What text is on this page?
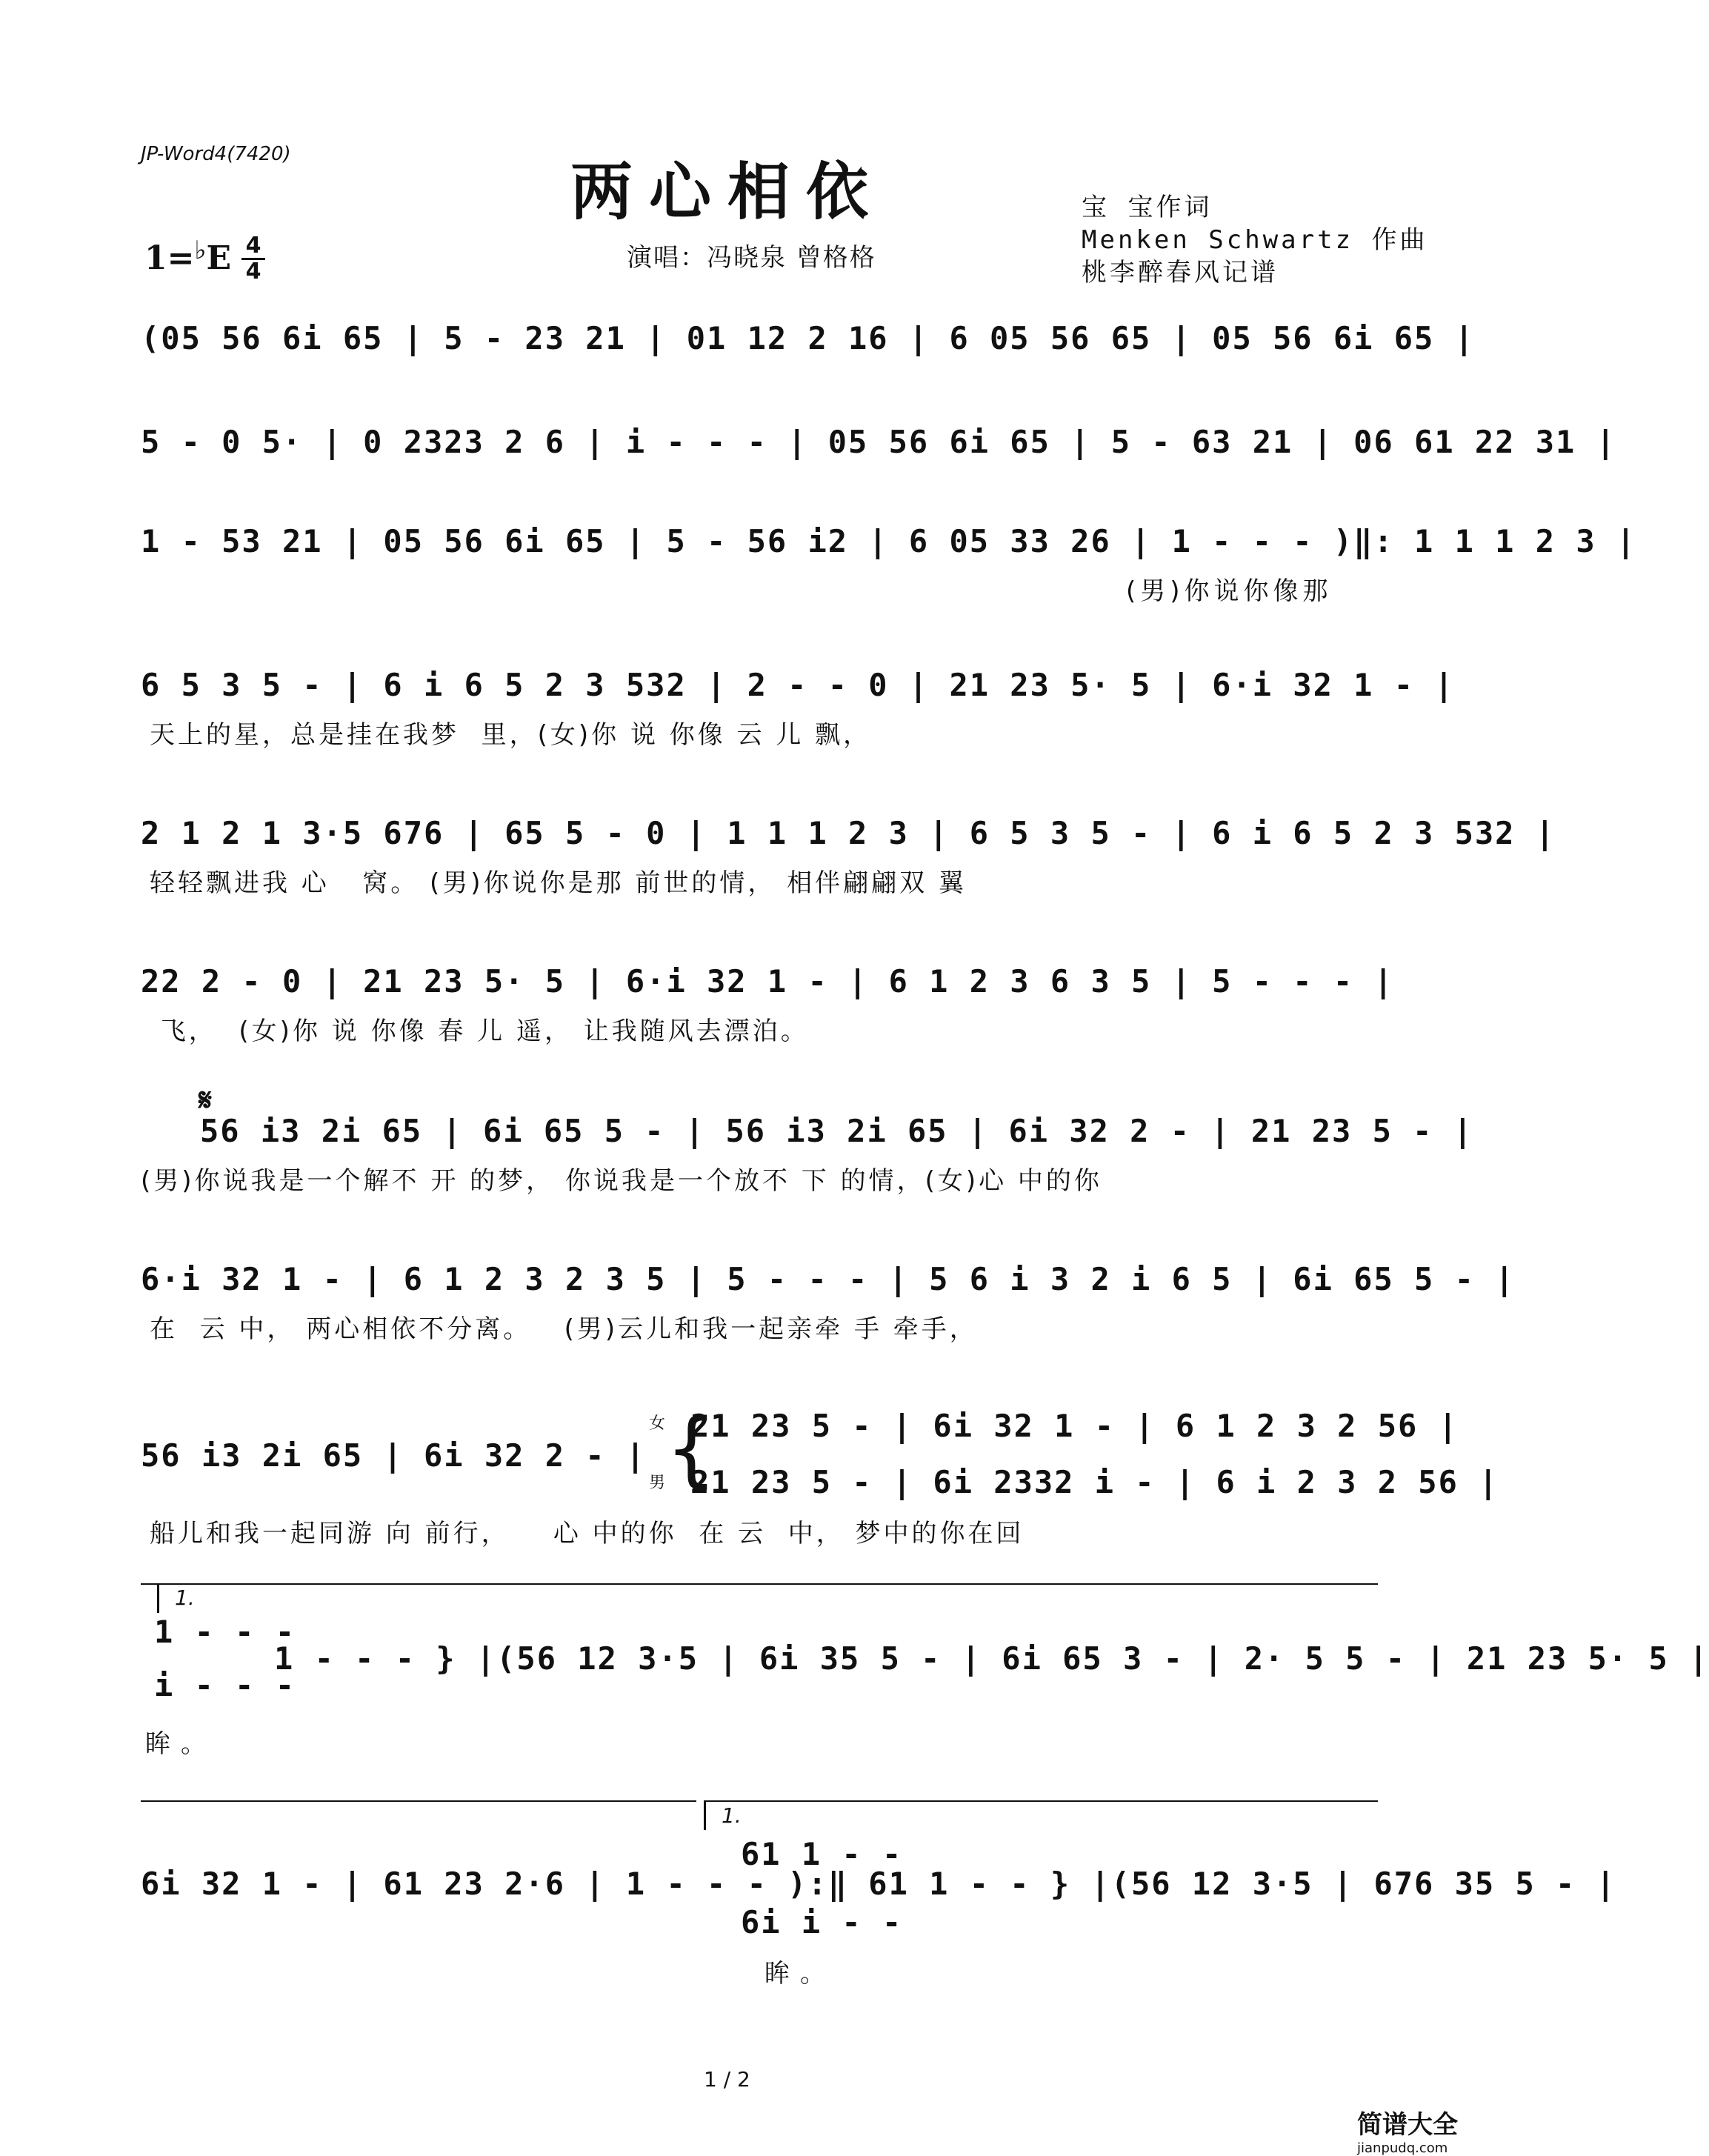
JP-Word4(7420)
两心相依
1=♭E 4
4	演唱：冯晓泉 曾格格
宝 宝作词
Menken Schwartz 作曲
桃李醉春风记谱
(05 56 6i 65 | 5 - 23 21 | 01 12 2 16 | 6 05 56 65 | 05 56 6i 65 |
5 - 0 5· | 0 2323 2 6 | i - - - | 05 56 6i 65 | 5 - 63 21 | 06 61 22 31 |
1 - 53 21 | 05 56 6i 65 | 5 - 56 i2 | 6 05 33 26 | 1 - - - )‖: 1 1 1 2 3 |
(男)你说你像那
6 5 3 5 - | 6 i 6 5 2 3 532 | 2 - - 0 | 21 23 5· 5 | 6·i 32 1 - |
天上的星，总是挂在我梦  里，(女)你 说 你像 云 儿 飘，
2 1 2 1 3·5 676 | 65 5 - 0 | 1 1 1 2 3 | 6 5 3 5 - | 6 i 6 5 2 3 532 |
轻轻飘进我 心   窝。 (男)你说你是那 前世的情， 相伴翩翩双 翼
22 2 - 0 | 21 23 5· 5 | 6·i 32 1 - | 6 1 2 3 6 3 5 | 5 - - - |
飞，  (女)你 说 你像 春 儿 遥， 让我随风去漂泊。
𝄋
56 i3 2i 65 | 6i 65 5 - | 56 i3 2i 65 | 6i 32 2 - | 21 23 5 - |
(男)你说我是一个解不 开 的梦， 你说我是一个放不 下 的情，(女)心 中的你
6·i 32 1 - | 6 1 2 3 2 3 5 | 5 - - - | 5 6 i 3 2 i 6 5 | 6i 65 5 - |
在  云 中， 两心相依不分离。   (男)云儿和我一起亲牵 手 牵手，
56 i3 2i 65 | 6i 32 2 - |
船儿和我一起同游 向 前行，    心 中的你  在 云  中， 梦中的你在回
女
男 {
21 23 5 - | 6i 32 1 - | 6 1 2 3 2 56 |
21 23 5 - | 6i 2332 i - | 6 i 2 3 2 56 |
1.
1 - - -
i - - -
1 - - - } |(56 12 3·5 | 6i 35 5 - | 6i 65 3 - | 2· 5 5 - | 21 23 5· 5 |
眸。
1.
6i 32 1 - | 61 23 2·6 | 1 - - - ):‖ 61 1 - - } |(56 12 3·5 | 676 35 5 - |
61 1 - -
6i i - -
眸。
1 / 2
简谱大全
jianpudq.com
